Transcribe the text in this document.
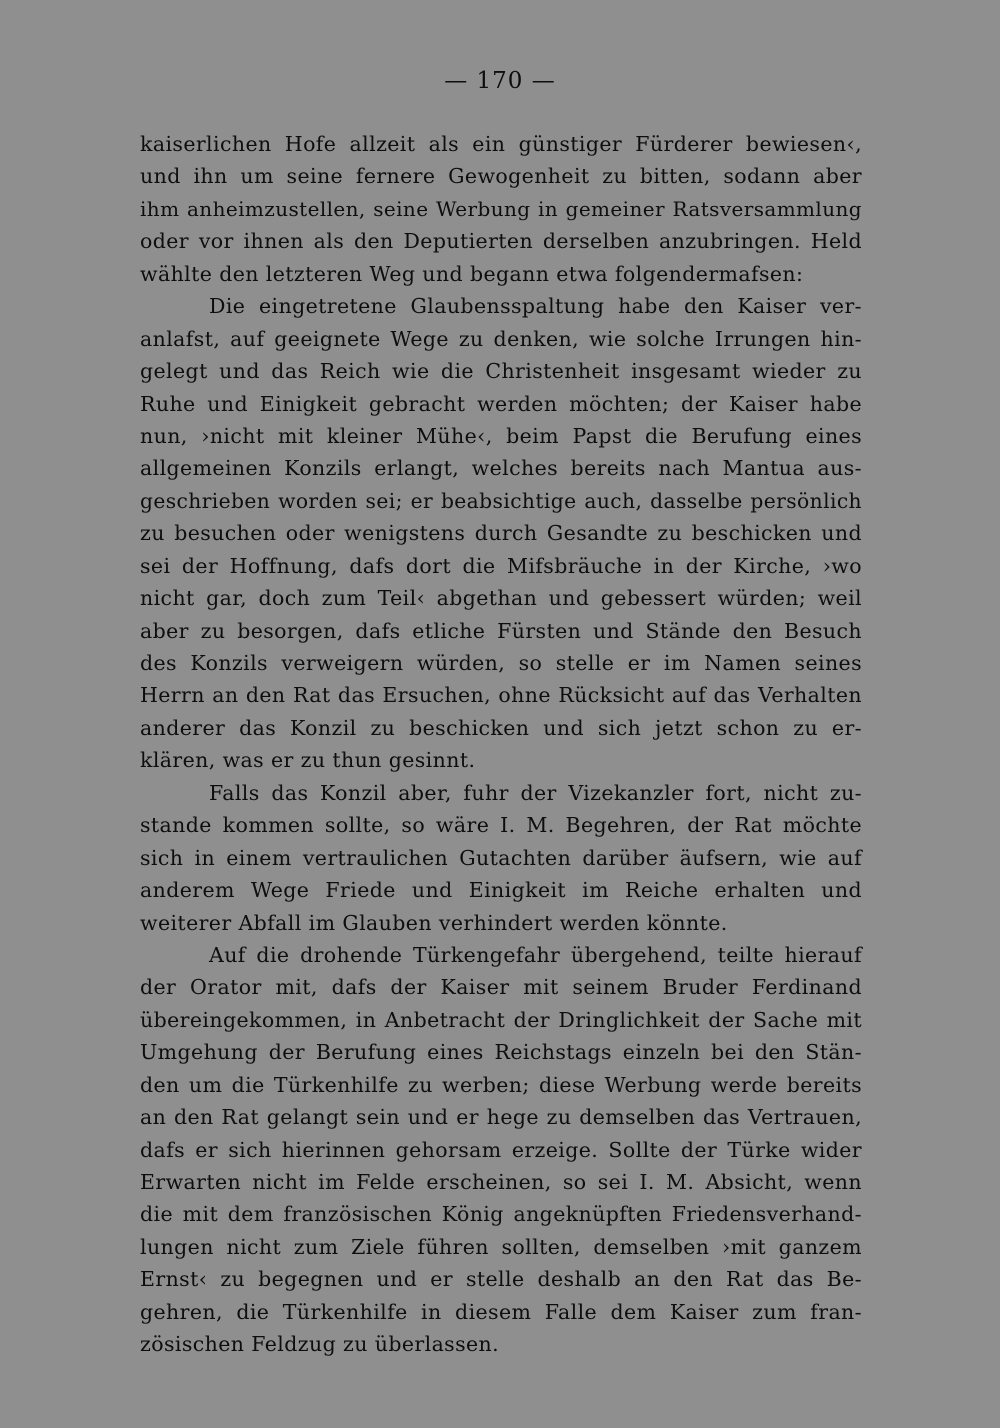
— 170 —
kaiserlichen Hofe allzeit als ein günstiger Fürderer bewiesen‹,
und ihn um seine fernere Gewogenheit zu bitten, sodann aber
ihm anheimzustellen, seine Werbung in gemeiner Ratsversammlung
oder vor ihnen als den Deputierten derselben anzubringen. Held
wählte den letzteren Weg und begann etwa folgendermafsen:
Die eingetretene Glaubensspaltung habe den Kaiser ver-
anlafst, auf geeignete Wege zu denken, wie solche Irrungen hin-
gelegt und das Reich wie die Christenheit insgesamt wieder zu
Ruhe und Einigkeit gebracht werden möchten; der Kaiser habe
nun, ›nicht mit kleiner Mühe‹, beim Papst die Berufung eines
allgemeinen Konzils erlangt, welches bereits nach Mantua aus-
geschrieben worden sei; er beabsichtige auch, dasselbe persönlich
zu besuchen oder wenigstens durch Gesandte zu beschicken und
sei der Hoffnung, dafs dort die Mifsbräuche in der Kirche, ›wo
nicht gar, doch zum Teil‹ abgethan und gebessert würden; weil
aber zu besorgen, dafs etliche Fürsten und Stände den Besuch
des Konzils verweigern würden, so stelle er im Namen seines
Herrn an den Rat das Ersuchen, ohne Rücksicht auf das Verhalten
anderer das Konzil zu beschicken und sich jetzt schon zu er-
klären, was er zu thun gesinnt.
Falls das Konzil aber, fuhr der Vizekanzler fort, nicht zu-
stande kommen sollte, so wäre I. M. Begehren, der Rat möchte
sich in einem vertraulichen Gutachten darüber äufsern, wie auf
anderem Wege Friede und Einigkeit im Reiche erhalten und
weiterer Abfall im Glauben verhindert werden könnte.
Auf die drohende Türkengefahr übergehend, teilte hierauf
der Orator mit, dafs der Kaiser mit seinem Bruder Ferdinand
übereingekommen, in Anbetracht der Dringlichkeit der Sache mit
Umgehung der Berufung eines Reichstags einzeln bei den Stän-
den um die Türkenhilfe zu werben; diese Werbung werde bereits
an den Rat gelangt sein und er hege zu demselben das Vertrauen,
dafs er sich hierinnen gehorsam erzeige. Sollte der Türke wider
Erwarten nicht im Felde erscheinen, so sei I. M. Absicht, wenn
die mit dem französischen König angeknüpften Friedensverhand-
lungen nicht zum Ziele führen sollten, demselben ›mit ganzem
Ernst‹ zu begegnen und er stelle deshalb an den Rat das Be-
gehren, die Türkenhilfe in diesem Falle dem Kaiser zum fran-
zösischen Feldzug zu überlassen.
